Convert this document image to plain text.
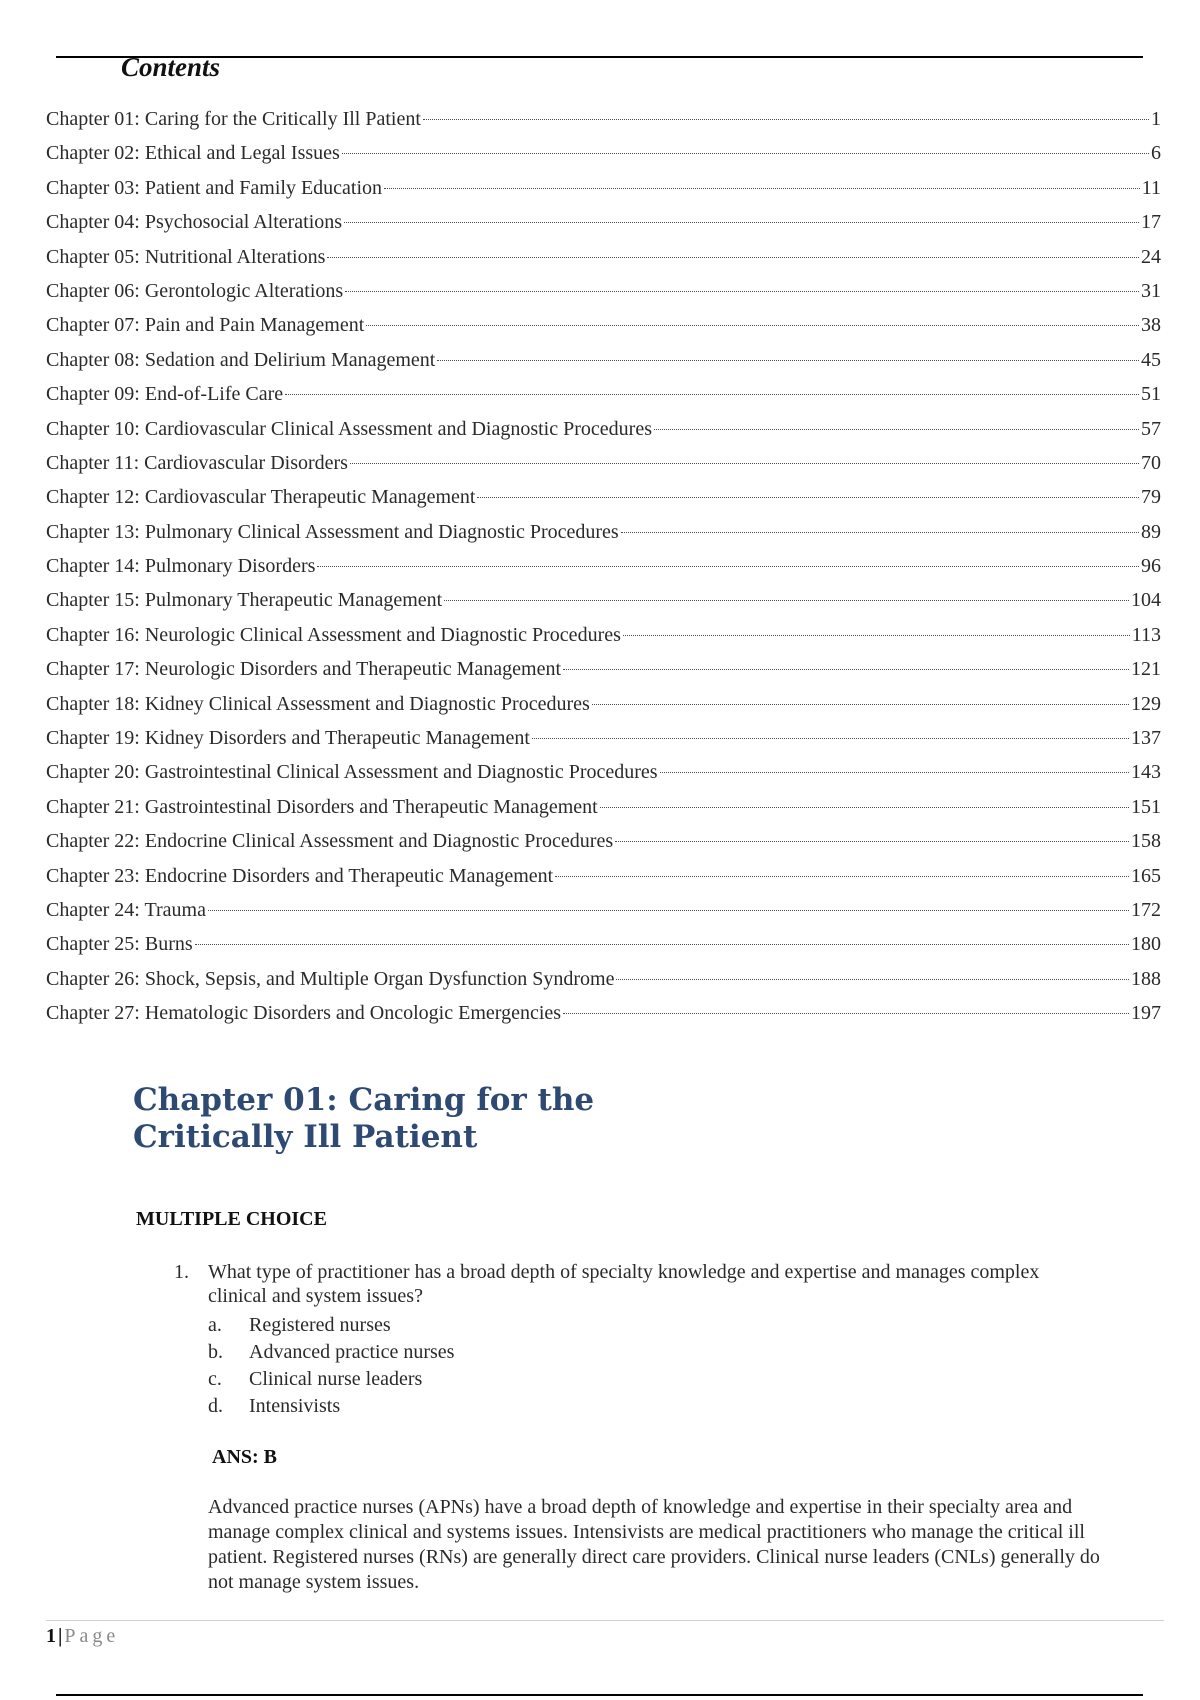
Contents
Chapter 01: Caring for the Critically Ill Patient	1
Chapter 02: Ethical and Legal Issues	6
Chapter 03: Patient and Family Education	11
Chapter 04: Psychosocial Alterations	17
Chapter 05: Nutritional Alterations	24
Chapter 06: Gerontologic Alterations	31
Chapter 07: Pain and Pain Management	38
Chapter 08: Sedation and Delirium Management	45
Chapter 09: End-of-Life Care	51
Chapter 10: Cardiovascular Clinical Assessment and Diagnostic Procedures	57
Chapter 11: Cardiovascular Disorders	70
Chapter 12: Cardiovascular Therapeutic Management	79
Chapter 13: Pulmonary Clinical Assessment and Diagnostic Procedures	89
Chapter 14: Pulmonary Disorders	96
Chapter 15: Pulmonary Therapeutic Management	104
Chapter 16: Neurologic Clinical Assessment and Diagnostic Procedures	113
Chapter 17: Neurologic Disorders and Therapeutic Management	121
Chapter 18: Kidney Clinical Assessment and Diagnostic Procedures	129
Chapter 19: Kidney Disorders and Therapeutic Management	137
Chapter 20: Gastrointestinal Clinical Assessment and Diagnostic Procedures	143
Chapter 21: Gastrointestinal Disorders and Therapeutic Management	151
Chapter 22: Endocrine Clinical Assessment and Diagnostic Procedures	158
Chapter 23: Endocrine Disorders and Therapeutic Management	165
Chapter 24: Trauma	172
Chapter 25: Burns	180
Chapter 26: Shock, Sepsis, and Multiple Organ Dysfunction Syndrome	188
Chapter 27: Hematologic Disorders and Oncologic Emergencies	197
Chapter 01: Caring for the Critically Ill Patient
MULTIPLE CHOICE
1. What type of practitioner has a broad depth of specialty knowledge and expertise and manages complex clinical and system issues?
a.	Registered nurses
b.	Advanced practice nurses
c.	Clinical nurse leaders
d.	Intensivists
ANS: B

Advanced practice nurses (APNs) have a broad depth of knowledge and expertise in their specialty area and manage complex clinical and systems issues. Intensivists are medical practitioners who manage the critical ill patient. Registered nurses (RNs) are generally direct care providers. Clinical nurse leaders (CNLs) generally do not manage system issues.

1 | Page
